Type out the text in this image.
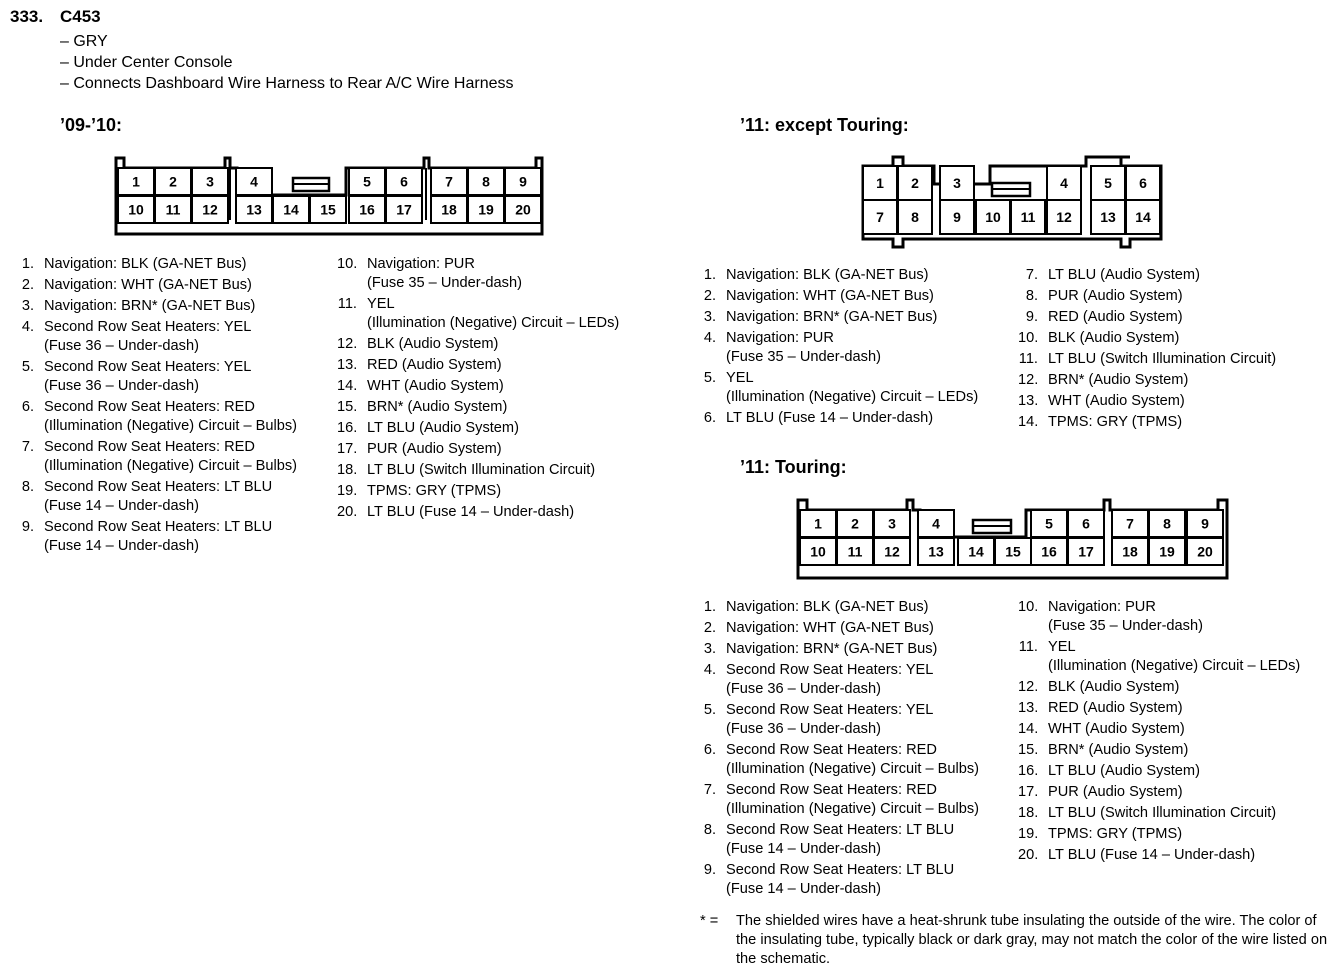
333. C453
– GRY
– Under Center Console
– Connects Dashboard Wire Harness to Rear A/C Wire Harness
’09-’10:	’11: except Touring:
’11: Touring:
1 2 3	4	5 6	7 8 9
10 11 12 13 14 15 16 17 18 19 20
1 2 3	4	5 6
7 8 9 10 11 12 13 14
1 2 3	4	5 6	7 8 9
10 11 12 13 14 15 16 17 18 19 20
1. Navigation: BLK (GA-NET Bus)
2. Navigation: WHT (GA-NET Bus)
3. Navigation: BRN* (GA-NET Bus)
4. Second Row Seat Heaters: YEL
(Fuse 36 – Under-dash)
5. Second Row Seat Heaters: YEL
(Fuse 36 – Under-dash)
6. Second Row Seat Heaters: RED
(Illumination (Negative) Circuit – Bulbs)
7. Second Row Seat Heaters: RED
(Illumination (Negative) Circuit – Bulbs)
8. Second Row Seat Heaters: LT BLU
(Fuse 14 – Under-dash)
9. Second Row Seat Heaters: LT BLU
(Fuse 14 – Under-dash)
10. Navigation: PUR
(Fuse 35 – Under-dash)
11. YEL
(Illumination (Negative) Circuit – LEDs)
12. BLK (Audio System)
13. RED (Audio System)
14. WHT (Audio System)
15. BRN* (Audio System)
16. LT BLU (Audio System)
17. PUR (Audio System)
18. LT BLU (Switch Illumination Circuit)
19. TPMS: GRY (TPMS)
20. LT BLU (Fuse 14 – Under-dash)
1. Navigation: BLK (GA-NET Bus)
2. Navigation: WHT (GA-NET Bus)
3. Navigation: BRN* (GA-NET Bus)
4. Navigation: PUR
(Fuse 35 – Under-dash)
5. YEL
(Illumination (Negative) Circuit – LEDs)
6. LT BLU (Fuse 14 – Under-dash)
7. LT BLU (Audio System)
8. PUR (Audio System)
9. RED (Audio System)
10. BLK (Audio System)
11. LT BLU (Switch Illumination Circuit)
12. BRN* (Audio System)
13. WHT (Audio System)
14. TPMS: GRY (TPMS)
1. Navigation: BLK (GA-NET Bus)
2. Navigation: WHT (GA-NET Bus)
3. Navigation: BRN* (GA-NET Bus)
4. Second Row Seat Heaters: YEL
(Fuse 36 – Under-dash)
5. Second Row Seat Heaters: YEL
(Fuse 36 – Under-dash)
6. Second Row Seat Heaters: RED
(Illumination (Negative) Circuit – Bulbs)
7. Second Row Seat Heaters: RED
(Illumination (Negative) Circuit – Bulbs)
8. Second Row Seat Heaters: LT BLU
(Fuse 14 – Under-dash)
9. Second Row Seat Heaters: LT BLU
(Fuse 14 – Under-dash)
10. Navigation: PUR
(Fuse 35 – Under-dash)
11. YEL
(Illumination (Negative) Circuit – LEDs)
12. BLK (Audio System)
13. RED (Audio System)
14. WHT (Audio System)
15. BRN* (Audio System)
16. LT BLU (Audio System)
17. PUR (Audio System)
18. LT BLU (Switch Illumination Circuit)
19. TPMS: GRY (TPMS)
20. LT BLU (Fuse 14 – Under-dash)
* = The shielded wires have a heat-shrunk tube insulating the outside of the wire. The color of the insulating tube, typically black or dark gray, may not match the color of the wire listed on the schematic.
